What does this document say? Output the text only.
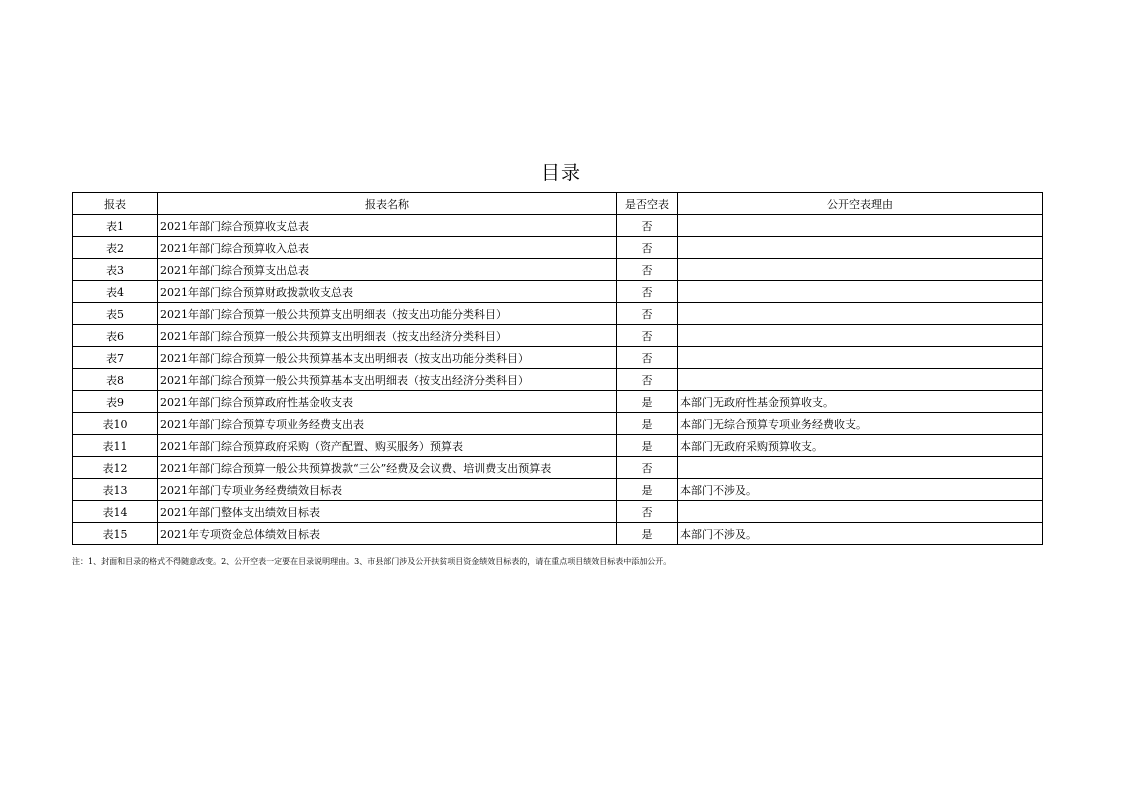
目录
报表	报表名称	是否空表	公开空表理由
表1	2021年部门综合预算收支总表	否	
表2	2021年部门综合预算收入总表	否	
表3	2021年部门综合预算支出总表	否	
表4	2021年部门综合预算财政拨款收支总表	否	
表5	2021年部门综合预算一般公共预算支出明细表（按支出功能分类科目）	否	
表6	2021年部门综合预算一般公共预算支出明细表（按支出经济分类科目）	否	
表7	2021年部门综合预算一般公共预算基本支出明细表（按支出功能分类科目）	否	
表8	2021年部门综合预算一般公共预算基本支出明细表（按支出经济分类科目）	否	
表9	2021年部门综合预算政府性基金收支表	是	本部门无政府性基金预算收支。
表10	2021年部门综合预算专项业务经费支出表	是	本部门无综合预算专项业务经费收支。
表11	2021年部门综合预算政府采购（资产配置、购买服务）预算表	是	本部门无政府采购预算收支。
表12	2021年部门综合预算一般公共预算拨款“三公”经费及会议费、培训费支出预算表	否	
表13	2021年部门专项业务经费绩效目标表	是	本部门不涉及。
表14	2021年部门整体支出绩效目标表	否	
表15	2021年专项资金总体绩效目标表	是	本部门不涉及。
注：1、封面和目录的格式不得随意改变。2、公开空表一定要在目录说明理由。3、市县部门涉及公开扶贫项目资金绩效目标表的，请在重点项目绩效目标表中添加公开。
